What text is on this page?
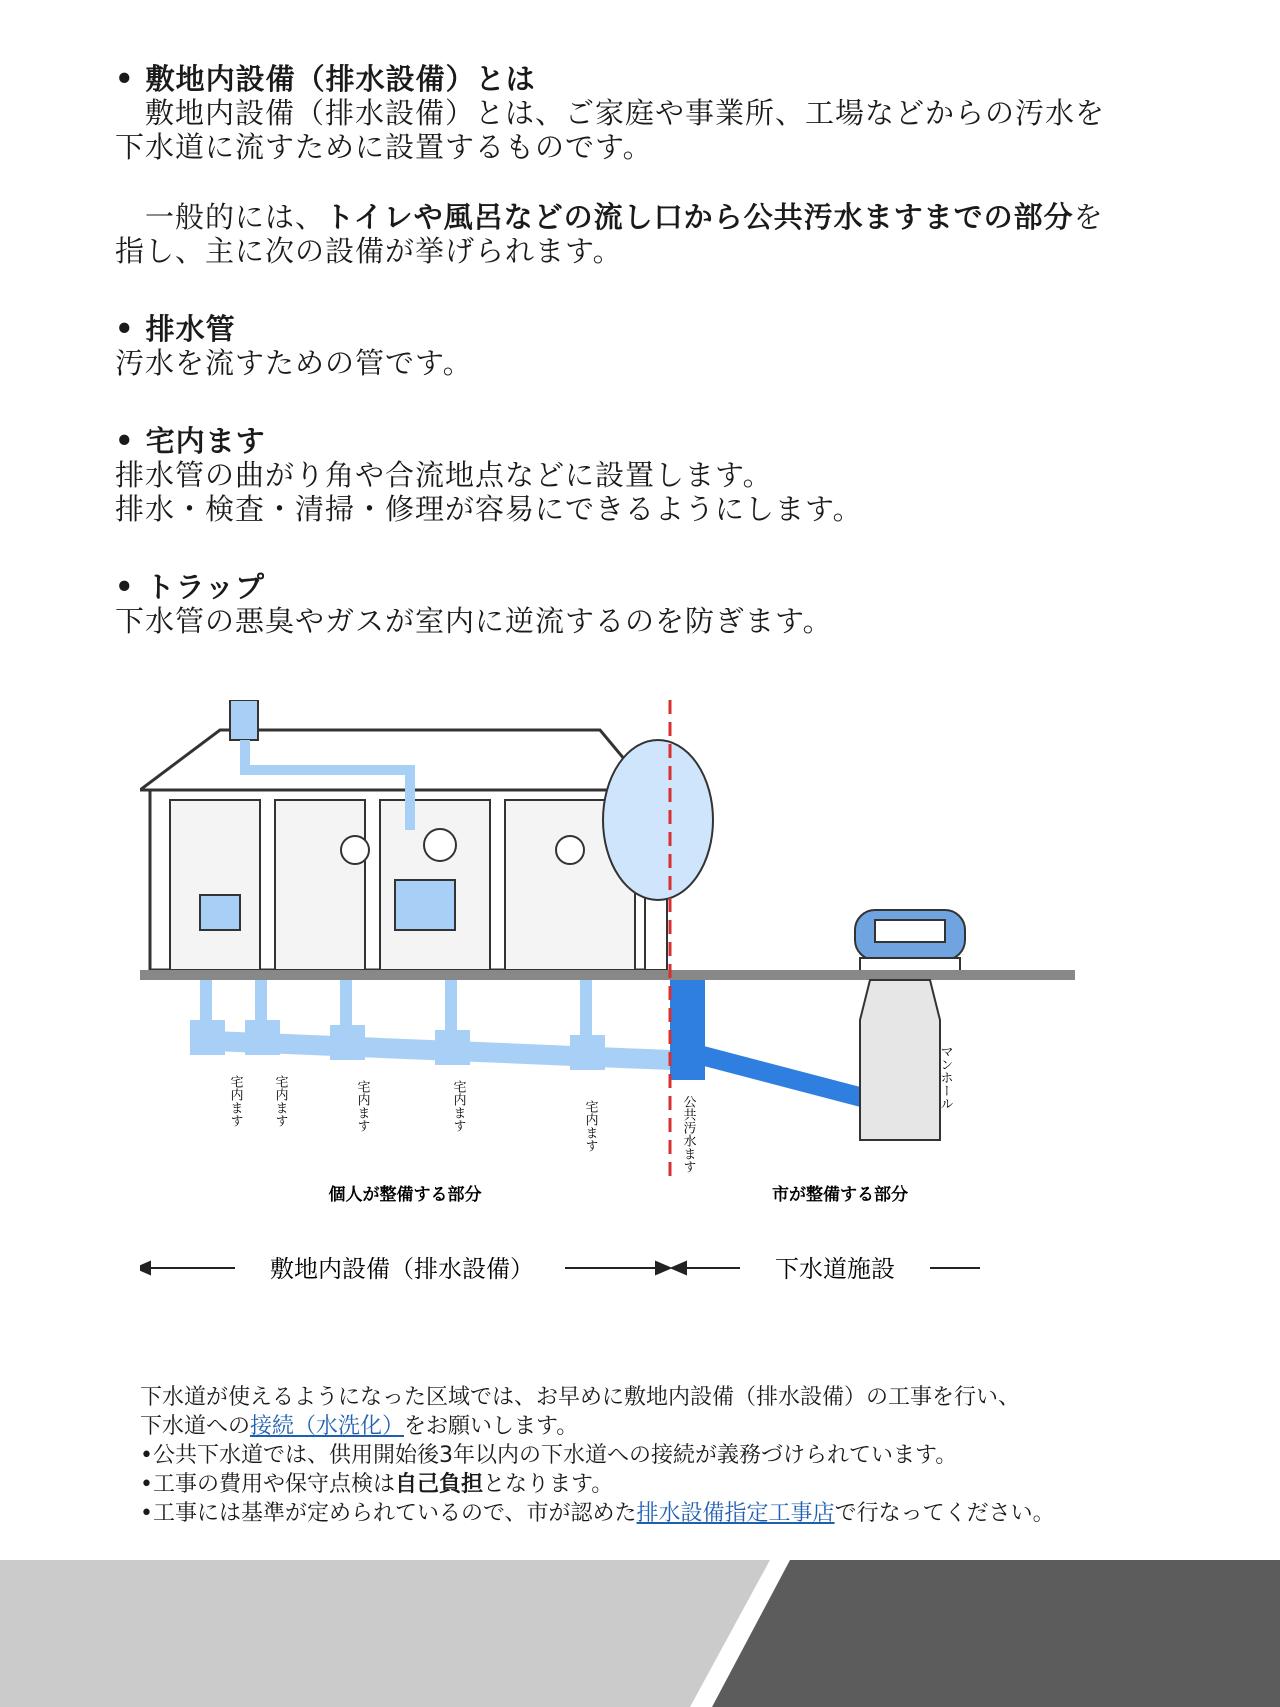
• 敷地内設備（排水設備）とは

　敷地内設備（排水設備）とは、ご家庭や事業所、工場などからの汚水を

下水道に流すために設置するものです。

　一般的には、トイレや風呂などの流し口から公共汚水ますまでの部分を

指し、主に次の設備が挙げられます。

• 排水管

汚水を流すための管です。

• 宅内ます

排水管の曲がり角や合流地点などに設置します。

排水・検査・清掃・修理が容易にできるようにします。

• トラップ

下水管の悪臭やガスが室内に逆流するのを防ぎます。

宅内ます 宅内ます	宅内ます	宅内ます	宅内ます	公共汚水ます
マンホール
個人が整備する部分	市が整備する部分
敷地内設備（排水設備）	下水道施設
下水道が使えるようになった区域では、お早めに敷地内設備（排水設備）の工事を行い、
下水道への接続（水洗化）をお願いします。
•公共下水道では、供用開始後3年以内の下水道への接続が義務づけられています。
•工事の費用や保守点検は自己負担となります。
•工事には基準が定められているので、市が認めた排水設備指定工事店で行なってください。
